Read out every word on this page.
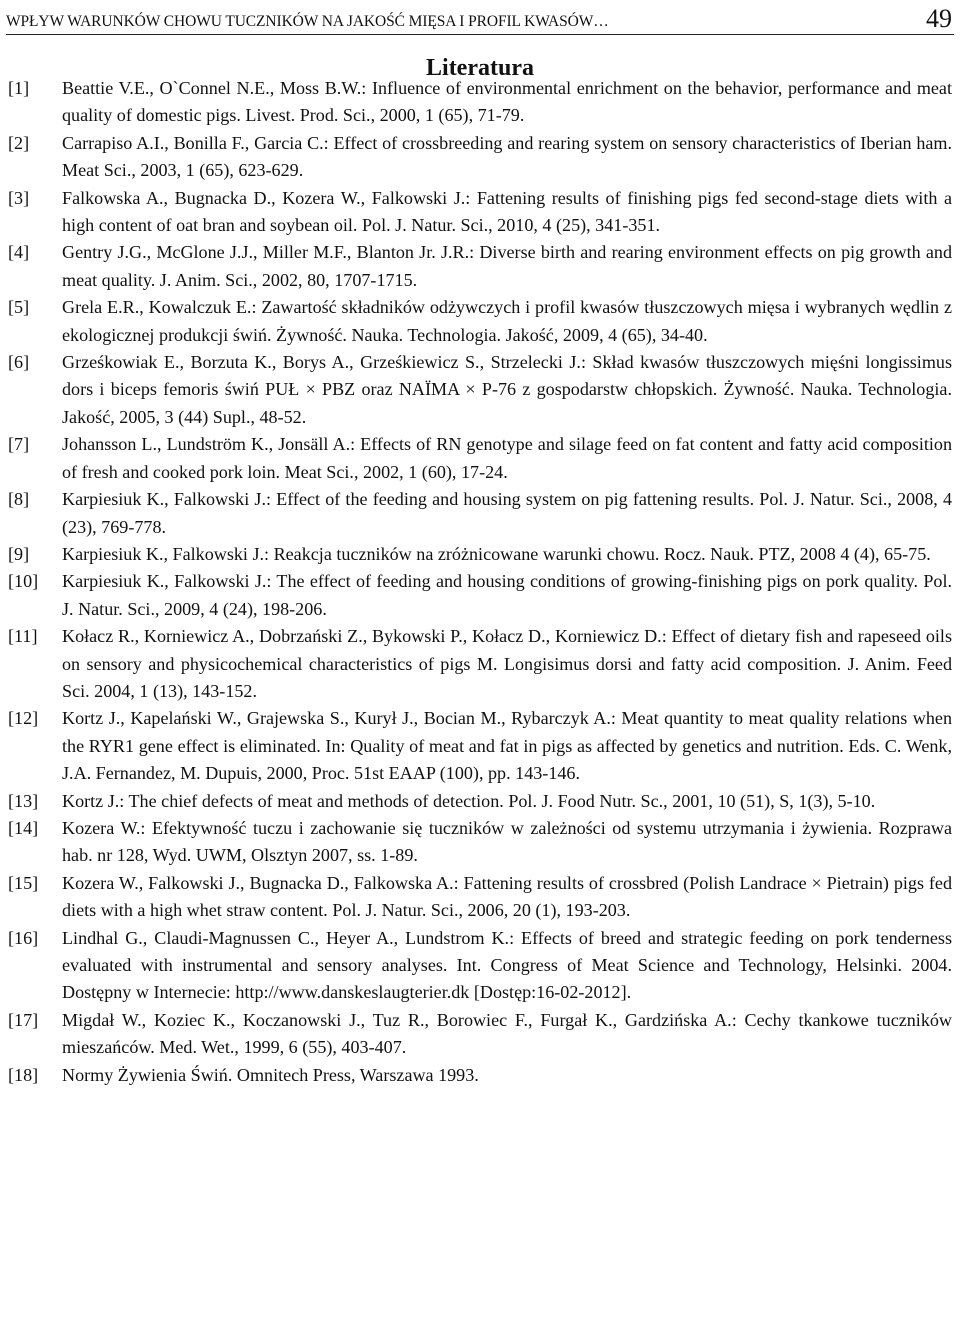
WPŁYW WARUNKÓW CHOWU TUCZNIKÓW NA JAKOŚĆ MIĘSA I PROFIL KWASÓW…	49
Literatura
[1]	Beattie V.E., O`Connel N.E., Moss B.W.: Influence of environmental enrichment on the behavior, performance and meat quality of domestic pigs. Livest. Prod. Sci., 2000, 1 (65), 71-79.
[2]	Carrapiso A.I., Bonilla F., Garcia C.: Effect of crossbreeding and rearing system on sensory characteristics of Iberian ham. Meat Sci., 2003, 1 (65), 623-629.
[3]	Falkowska A., Bugnacka D., Kozera W., Falkowski J.: Fattening results of finishing pigs fed second-stage diets with a high content of oat bran and soybean oil. Pol. J. Natur. Sci., 2010, 4 (25), 341-351.
[4]	Gentry J.G., McGlone J.J., Miller M.F., Blanton Jr. J.R.: Diverse birth and rearing environment effects on pig growth and meat quality. J. Anim. Sci., 2002, 80, 1707-1715.
[5]	Grela E.R., Kowalczuk E.: Zawartość składników odżywczych i profil kwasów tłuszczowych mięsa i wybranych wędlin z ekologicznej produkcji świń. Żywność. Nauka. Technologia. Jakość, 2009, 4 (65), 34-40.
[6]	Grześkowiak E., Borzuta K., Borys A., Grześkiewicz S., Strzelecki J.: Skład kwasów tłuszczowych mięśni longissimus dors i biceps femoris świń PUŁ × PBZ oraz NAÏMA × P-76 z gospodarstw chłopskich. Żywność. Nauka. Technologia. Jakość, 2005, 3 (44) Supl., 48-52.
[7]	Johansson L., Lundström K., Jonsäll A.: Effects of RN genotype and silage feed on fat content and fatty acid composition of fresh and cooked pork loin. Meat Sci., 2002, 1 (60), 17-24.
[8]	Karpiesiuk K., Falkowski J.: Effect of the feeding and housing system on pig fattening results. Pol. J. Natur. Sci., 2008, 4 (23), 769-778.
[9]	Karpiesiuk K., Falkowski J.: Reakcja tuczników na zróżnicowane warunki chowu. Rocz. Nauk. PTZ, 2008 4 (4), 65-75.
[10]	Karpiesiuk K., Falkowski J.: The effect of feeding and housing conditions of growing-finishing pigs on pork quality. Pol. J. Natur. Sci., 2009, 4 (24), 198-206.
[11]	Kołacz R., Korniewicz A., Dobrzański Z., Bykowski P., Kołacz D., Korniewicz D.: Effect of dietary fish and rapeseed oils on sensory and physicochemical characteristics of pigs M. Longisimus dorsi and fatty acid composition. J. Anim. Feed Sci. 2004, 1 (13), 143-152.
[12]	Kortz J., Kapelański W., Grajewska S., Kurył J., Bocian M., Rybarczyk A.: Meat quantity to meat quality relations when the RYR1 gene effect is eliminated. In: Quality of meat and fat in pigs as affected by genetics and nutrition. Eds. C. Wenk, J.A. Fernandez, M. Dupuis, 2000, Proc. 51st EAAP (100), pp. 143-146.
[13]	Kortz J.: The chief defects of meat and methods of detection. Pol. J. Food Nutr. Sc., 2001, 10 (51), S, 1(3), 5-10.
[14]	Kozera W.: Efektywność tuczu i zachowanie się tuczników w zależności od systemu utrzymania i żywienia. Rozprawa hab. nr 128, Wyd. UWM, Olsztyn 2007, ss. 1-89.
[15]	Kozera W., Falkowski J., Bugnacka D., Falkowska A.: Fattening results of crossbred (Polish Landrace × Pietrain) pigs fed diets with a high whet straw content. Pol. J. Natur. Sci., 2006, 20 (1), 193-203.
[16]	Lindhal G., Claudi-Magnussen C., Heyer A., Lundstrom K.: Effects of breed and strategic feeding on pork tenderness evaluated with instrumental and sensory analyses. Int. Congress of Meat Science and Technology, Helsinki. 2004. Dostępny w Internecie: http://www.danskeslaugterier.dk [Dostęp:16-02-2012].
[17]	Migdał W., Koziec K., Koczanowski J., Tuz R., Borowiec F., Furgał K., Gardzińska A.: Cechy tkankowe tuczników mieszańców. Med. Wet., 1999, 6 (55), 403-407.
[18]	Normy Żywienia Świń. Omnitech Press, Warszawa 1993.
